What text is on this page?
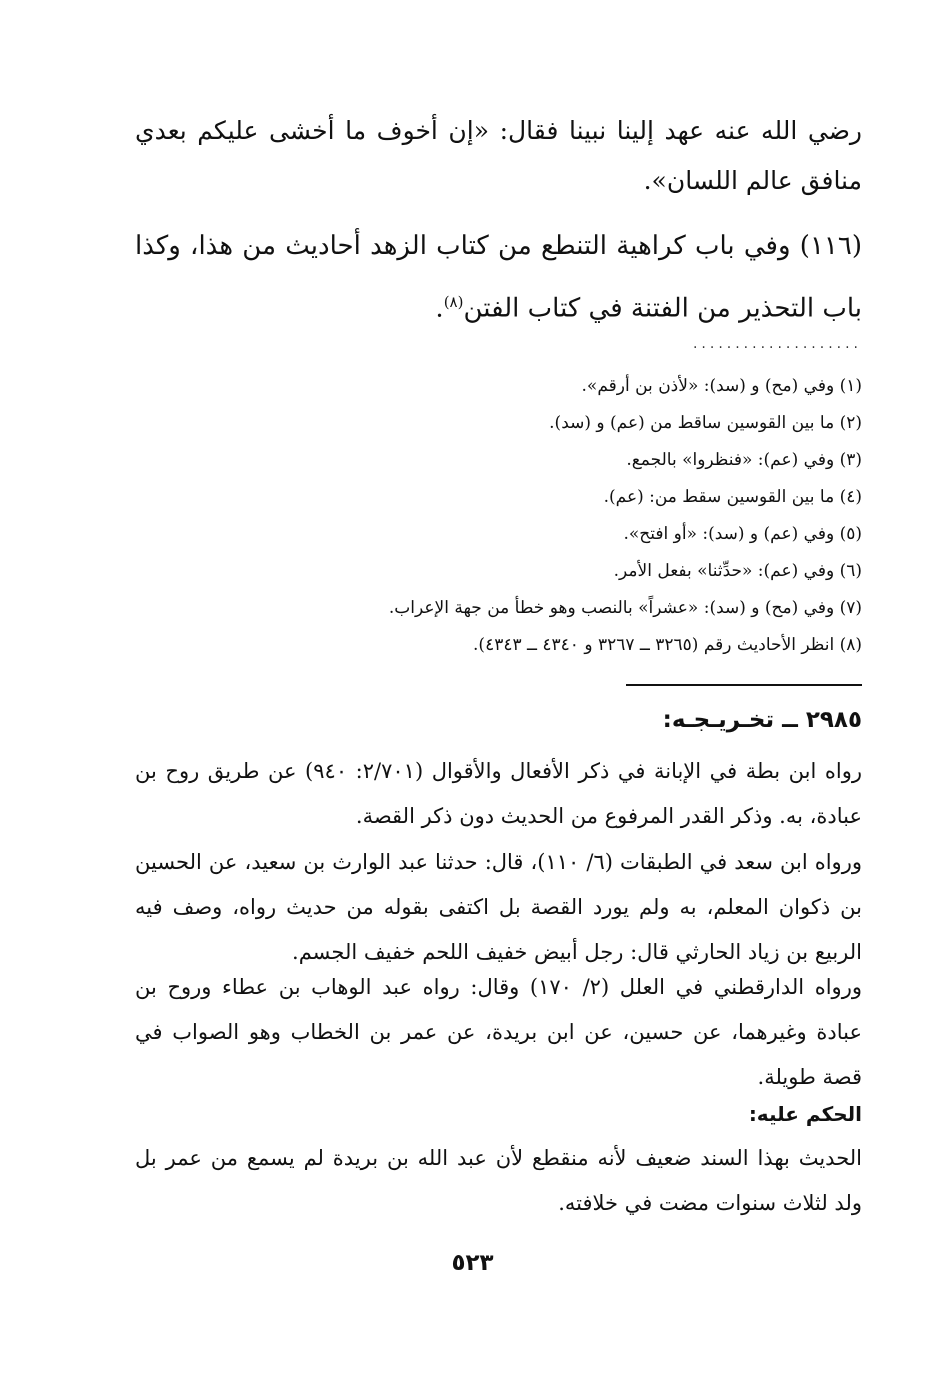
رضي الله عنه عهد إلينا نبينا فقال: «إن أخوف ما أخشى عليكم بعدي منافق عالم اللسان».

(١١٦) وفي باب كراهية التنطع من كتاب الزهد أحاديث من هذا، وكذا باب التحذير من الفتنة في كتاب الفتن$^{(٨)}$.

....................
(١) وفي (مح) و (سد): «لأذن بن أرقم».
(٢) ما بين القوسين ساقط من (عم) و (سد).
(٣) وفي (عم): «فنظروا» بالجمع.
(٤) ما بين القوسين سقط من: (عم).
(٥) وفي (عم) و (سد): «أو افتح».
(٦) وفي (عم): «حدِّثنا» بفعل الأمر.
(٧) وفي (مح) و (سد): «عشراً» بالنصب وهو خطأ من جهة الإعراب.
(٨) انظر الأحاديث رقم (٣٢٦٥ ــ ٣٢٦٧ و ٤٣٤٠ ــ ٤٣٤٣).
٢٩٨٥ ــ تخـريـجـه:

رواه ابن بطة في الإبانة في ذكر الأفعال والأقوال (٢/٧٠١: ٩٤٠) عن طريق روح بن عبادة، به. وذكر القدر المرفوع من الحديث دون ذكر القصة.

ورواه ابن سعد في الطبقات (٦/ ١١٠)، قال: حدثنا عبد الوارث بن سعيد، عن الحسين بن ذكوان المعلم، به ولم يورد القصة بل اكتفى بقوله من حديث رواه، وصف فيه الربيع بن زياد الحارثي قال: رجل أبيض خفيف اللحم خفيف الجسم.

ورواه الدارقطني في العلل (٢/ ١٧٠) وقال: رواه عبد الوهاب بن عطاء وروح بن عبادة وغيرهما، عن حسين، عن ابن بريدة، عن عمر بن الخطاب وهو الصواب في قصة طويلة.

الحكم عليه:

الحديث بهذا السند ضعيف لأنه منقطع لأن عبد الله بن بريدة لم يسمع من عمر بل ولد لثلاث سنوات مضت في خلافته.

٥٢٣
